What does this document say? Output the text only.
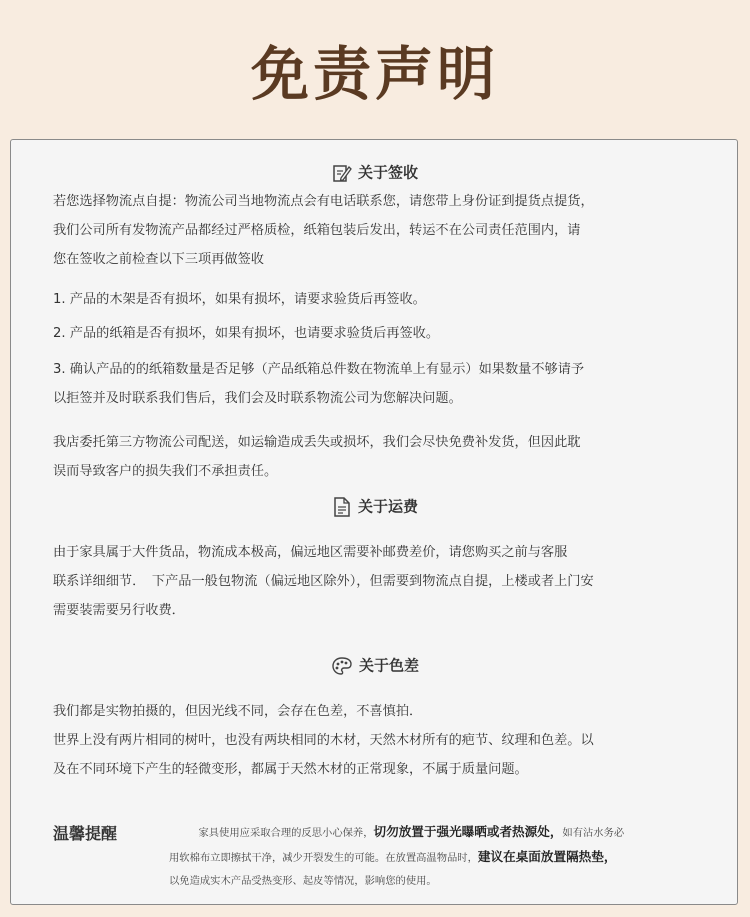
免责声明
关于签收

若您选择物流点自提：物流公司当地物流点会有电话联系您，请您带上身份证到提货点提货，

我们公司所有发物流产品都经过严格质检，纸箱包装后发出，转运不在公司责任范围内，请

您在签收之前检查以下三项再做签收

1. 产品的木架是否有损坏，如果有损坏，请要求验货后再签收。
2. 产品的纸箱是否有损坏，如果有损坏，也请要求验货后再签收。

3. 确认产品的的纸箱数量是否足够（产品纸箱总件数在物流单上有显示）如果数量不够请予

以拒签并及时联系我们售后，我们会及时联系物流公司为您解决问题。

我店委托第三方物流公司配送，如运输造成丢失或损坏，我们会尽快免费补发货，但因此耽

误而导致客户的损失我们不承担责任。

关于运费

由于家具属于大件货品，物流成本极高，偏远地区需要补邮费差价，请您购买之前与客服

联系详细细节．　下产品一般包物流（偏远地区除外），但需要到物流点自提，上楼或者上门安

需要装需要另行收费．

关于色差

我们都是实物拍摄的，但因光线不同，会存在色差，不喜慎拍．

世界上没有两片相同的树叶，也没有两块相同的木材，天然木材所有的疤节、纹理和色差。以

及在不同环境下产生的轻微变形，都属于天然木材的正常现象，不属于质量问题。

温馨提醒	家具使用应采取合理的反思小心保养，切勿放置于强光曝晒或者热源处，如有沾水务必

用软棉布立即擦拭干净，减少开裂发生的可能。在放置高温物品时，建议在桌面放置隔热垫，

以免造成实木产品受热变形、起皮等情况，影响您的使用。
